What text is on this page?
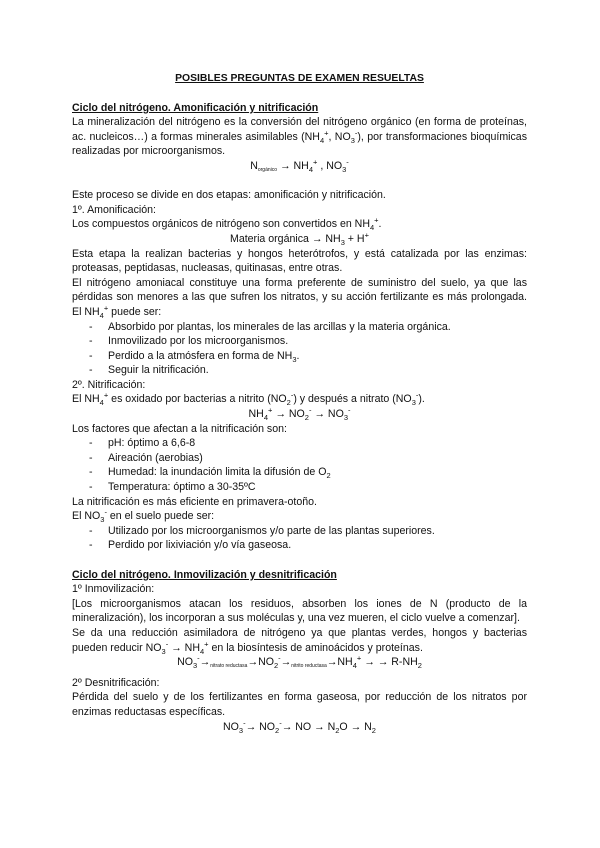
POSIBLES PREGUNTAS DE EXAMEN RESUELTAS

Ciclo del nitrógeno. Amonificación y nitrificación

La mineralización del nitrógeno es la conversión del nitrógeno orgánico (en forma de proteínas, ac. nucleicos…) a formas minerales asimilables ($NH_4^+$, $NO_3^-$), por transformaciones bioquímicas realizadas por microorganismos.

$N_{orgánico} \to NH_4^+$ , $NO_3^-$

Este proceso se divide en dos etapas: amonificación y nitrificación.

1º. Amonificación:

Los compuestos orgánicos de nitrógeno son convertidos en $NH_4^+$.

Materia orgánica → $NH_3 + H^+$

Esta etapa la realizan bacterias y hongos heterótrofos, y está catalizada por las enzimas: proteasas, peptidasas, nucleasas, quitinasas, entre otras.

El nitrógeno amoniacal constituye una forma preferente de suministro del suelo, ya que las pérdidas son menores a las que sufren los nitratos, y su acción fertilizante es más prolongada. El $NH_4^+$ puede ser:

- Absorbido por plantas, los minerales de las arcillas y la materia orgánica.
- Inmovilizado por los microorganismos.
- Perdido a la atmósfera en forma de $NH_3$.
- Seguir la nitrificación.

2º. Nitrificación:

El $NH_4^+$ es oxidado por bacterias a nitrito $(NO_2^-)$ y después a nitrato $(NO_3^-)$.

$NH_4^+ \to NO_2^- \to NO_3^-$

Los factores que afectan a la nitrificación son:

- pH: óptimo a 6,6-8
- Aireación (aerobias)
- Humedad: la inundación limita la difusión de $O_2$
- Temperatura: óptimo a 30-35ºC

La nitrificación es más eficiente en primavera-otoño.

El $NO_3^-$ en el suelo puede ser:

- Utilizado por los microorganismos y/o parte de las plantas superiores.
- Perdido por lixiviación y/o vía gaseosa.

Ciclo del nitrógeno. Inmovilización y desnitrificación

1º Inmovilización:

[Los microorganismos atacan los residuos, absorben los iones de N (producto de la mineralización), los incorporan a sus moléculas y, una vez mueren, el ciclo vuelve a comenzar].

Se da una reducción asimiladora de nitrógeno ya que plantas verdes, hongos y bacterias pueden reducir $NO_3^- \to NH_4^+$ en la biosíntesis de aminoácidos y proteínas.

$NO_3^-\to_{nitrato reductasa}\to NO_2^-\to_{nitrito reductasa}\to NH_4^+$ → → $R-NH_2$

2º Desnitrificación:

Pérdida del suelo y de los fertilizantes en forma gaseosa, por reducción de los nitratos por enzimas reductasas específicas.

$NO_3^-\to NO_2^-\to$ NO → $N_2O \to N_2$
